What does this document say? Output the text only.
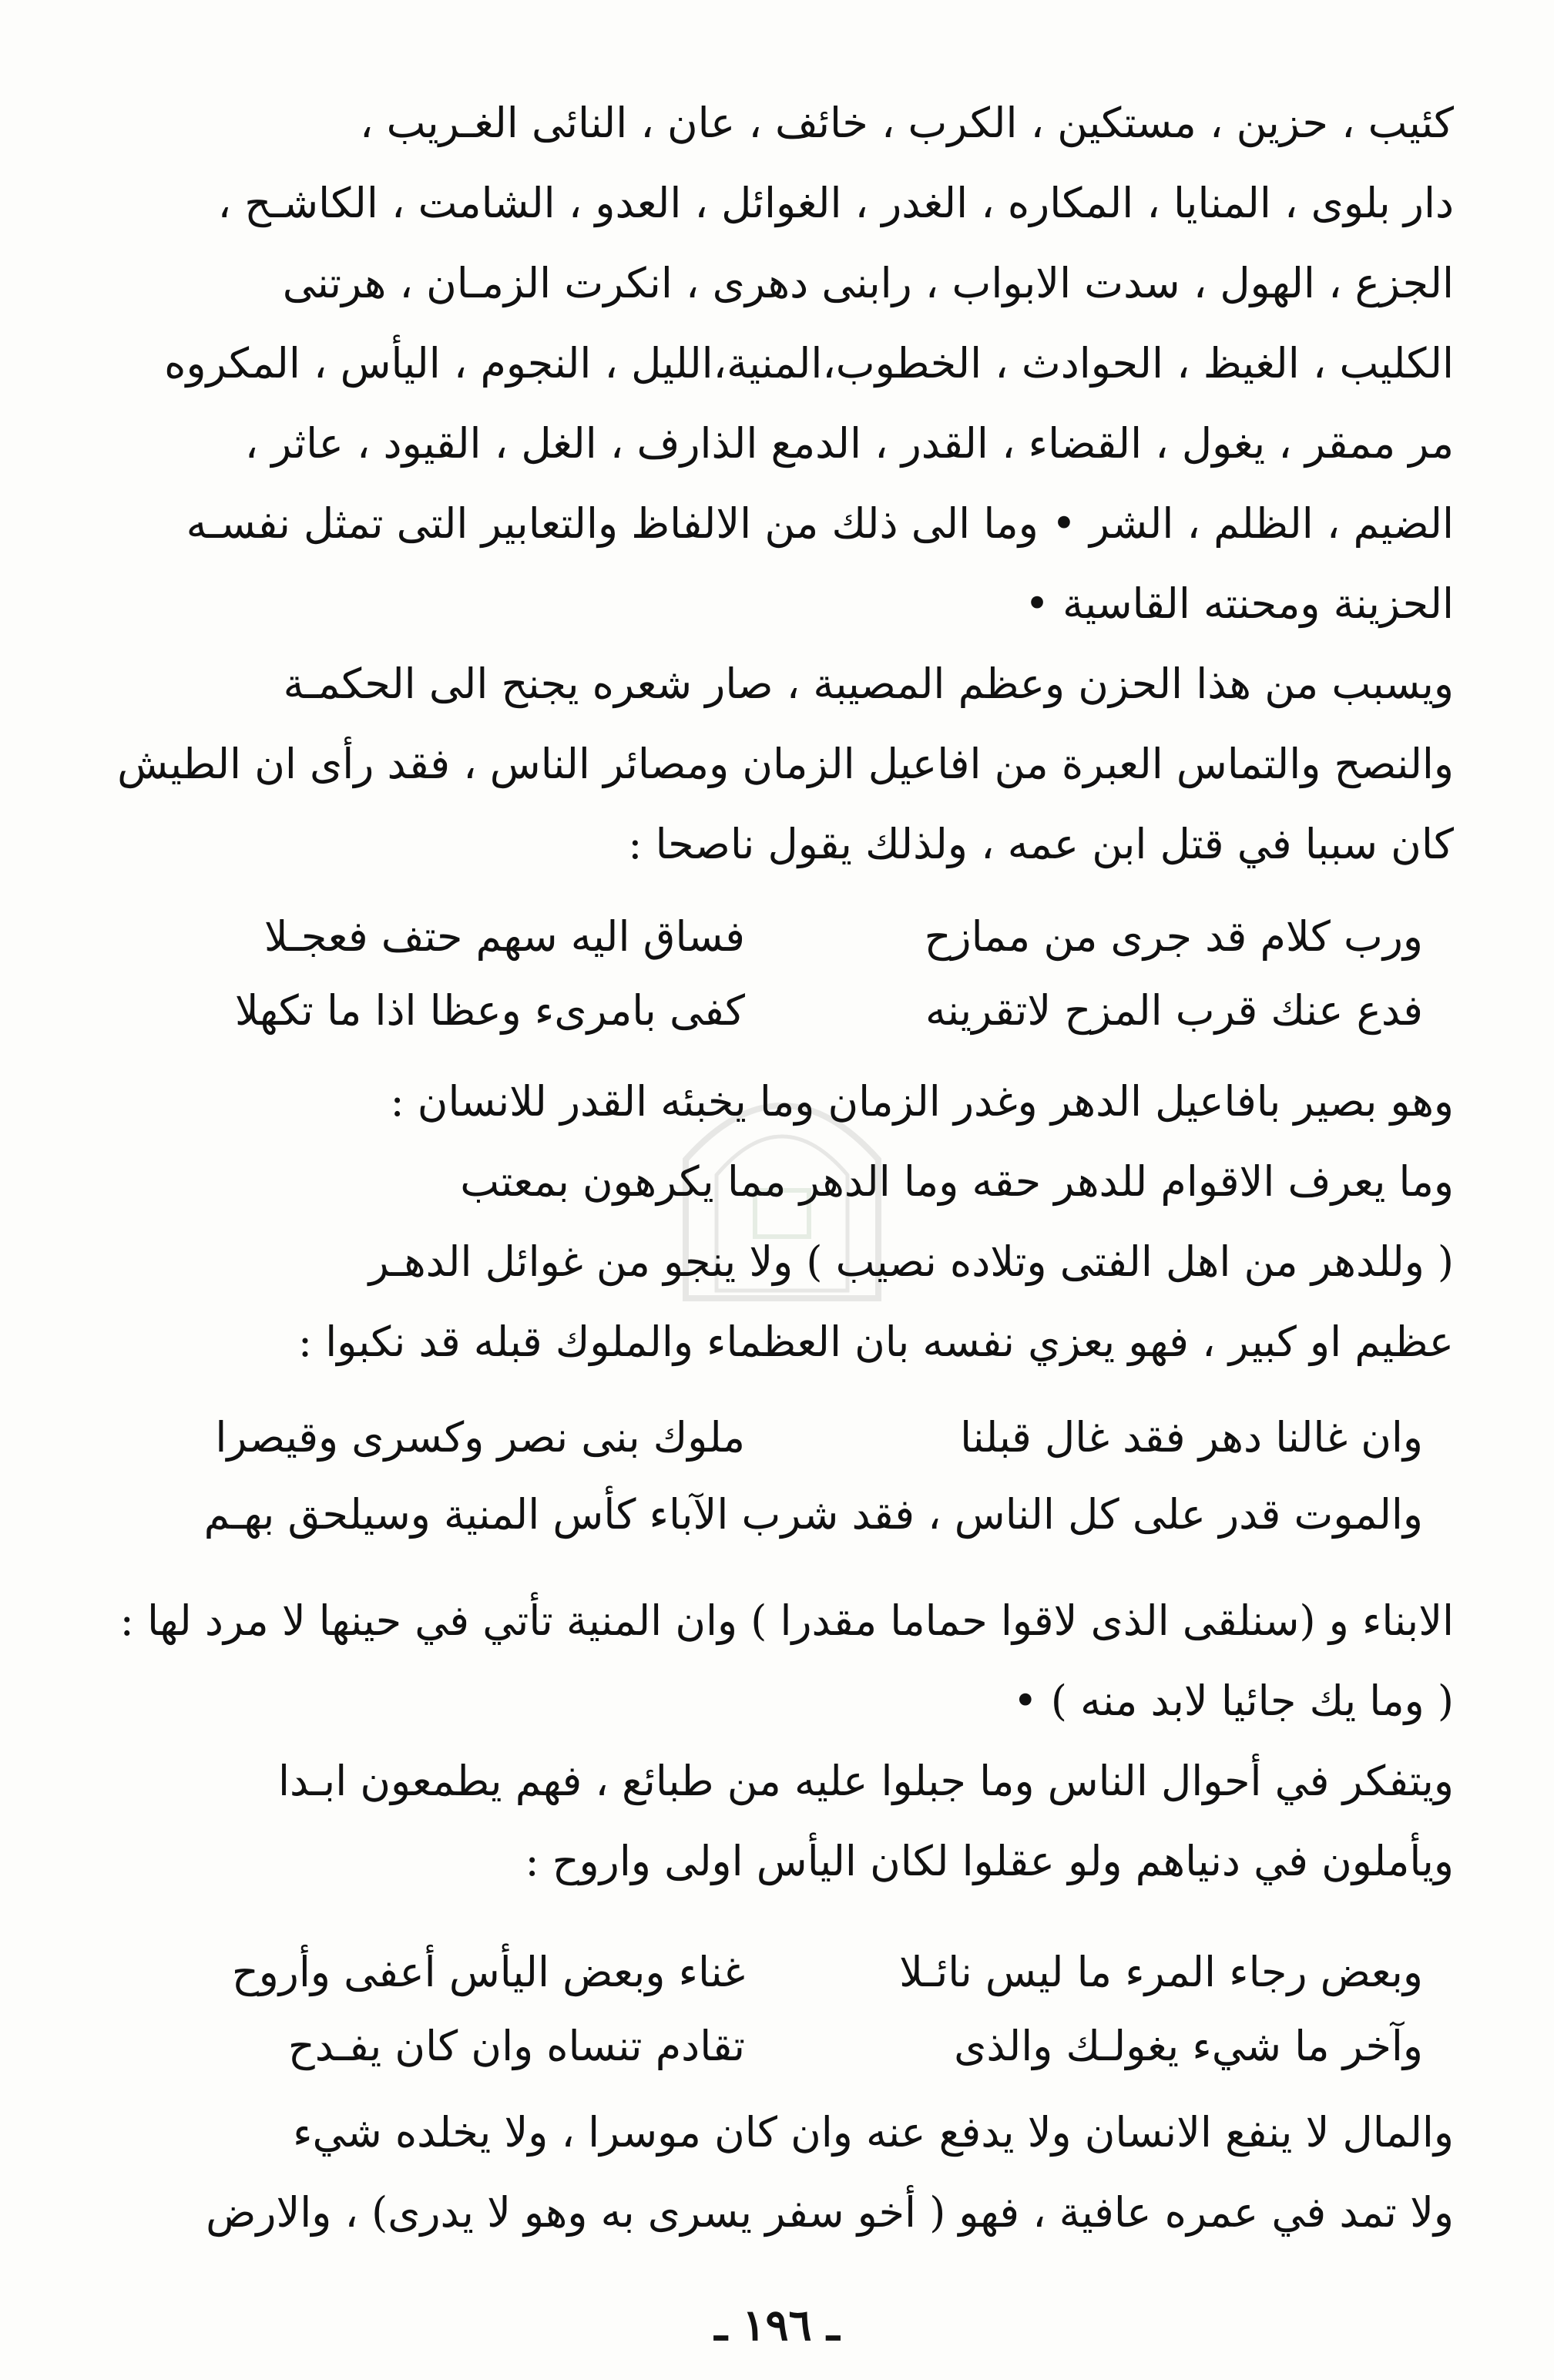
كئيب ، حزين ، مستكين ، الكرب ، خائف ، عان ، النائى الغـريب ،
دار بلوى ، المنايا ، المكاره ، الغدر ، الغوائل ، العدو ، الشامت ، الكاشـح ،
الجزع ، الهول ، سدت الابواب ، رابنى دهرى ، انكرت الزمـان ، هرتنى
الكليب ، الغيظ ، الحوادث ، الخطوب،المنية،الليل ، النجوم ، اليأس ، المكروه
مر ممقر ، يغول ، القضاء ، القدر ، الدمع الذارف ، الغل ، القيود ، عاثر ،
الضيم ، الظلم ، الشر • وما الى ذلك من الالفاظ والتعابير التى تمثل نفسـه
الحزينة ومحنته القاسية •
ويسبب من هذا الحزن وعظم المصيبة ، صار شعره يجنح الى الحكمـة
والنصح والتماس العبرة من افاعيل الزمان ومصائر الناس ، فقد رأى ان الطيش
كان سببا في قتل ابن عمه ، ولذلك يقول ناصحا :
ورب كلام قد جرى من ممازح
فساق اليه سهم حتف فعجـلا
فدع عنك قرب المزح لاتقرينه
كفى بامرىء وعظا اذا ما تكهلا
وهو بصير بافاعيل الدهر وغدر الزمان وما يخبئه القدر للانسان :
وما يعرف الاقوام للدهر حقه وما الدهر مما يكرهون بمعتب
( وللدهر من اهل الفتى وتلاده نصيب ) ولا ينجو من غوائل الدهـر
عظيم او كبير ، فهو يعزي نفسه بان العظماء والملوك قبله قد نكبوا :
وان غالنا دهر فقد غال قبلنا
ملوك بنى نصر وكسرى وقيصرا
والموت قدر على كل الناس ، فقد شرب الآباء كأس المنية وسيلحق بهـم
الابناء و (سنلقى الذى لاقوا حماما مقدرا ) وان المنية تأتي في حينها لا مرد لها :
( وما يك جائيا لابد منه ) •
ويتفكر في أحوال الناس وما جبلوا عليه من طبائع ، فهم يطمعون ابـدا
ويأملون في دنياهم ولو عقلوا لكان اليأس اولى واروح :
وبعض رجاء المرء ما ليس نائـلا
غناء وبعض اليأس أعفى وأروح
وآخر ما شيء يغولـك والذى
تقادم تنساه وان كان يفـدح
والمال لا ينفع الانسان ولا يدفع عنه وان كان موسرا ، ولا يخلده شيء
ولا تمد في عمره عافية ، فهو ( أخو سفر يسرى به وهو لا يدرى) ، والارض
ـ ١٩٦ ـ
